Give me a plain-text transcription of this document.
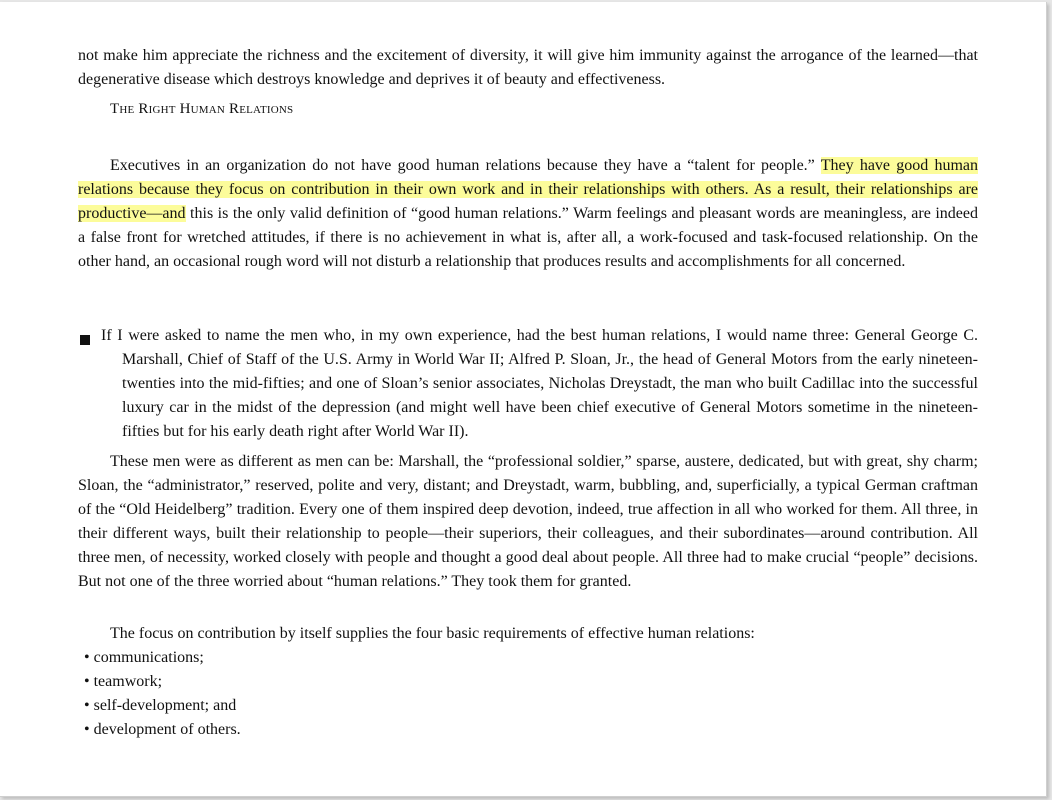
not make him appreciate the richness and the excitement of diversity, it will give him immunity against the arrogance of the learned—that degenerative disease which destroys knowledge and deprives it of beauty and effectiveness.

The Right Human Relations

Executives in an organization do not have good human relations because they have a “talent for people.” They have good human relations because they focus on contribution in their own work and in their relationships with others. As a result, their relationships are productive—and this is the only valid definition of “good human relations.” Warm feelings and pleasant words are meaningless, are indeed a false front for wretched attitudes, if there is no achievement in what is, after all, a work-focused and task-focused relationship. On the other hand, an occasional rough word will not disturb a relationship that produces results and accomplishments for all concerned.

If I were asked to name the men who, in my own experience, had the best human relations, I would name three: General George C. Marshall, Chief of Staff of the U.S. Army in World War II; Alfred P. Sloan, Jr., the head of General Motors from the early nineteen-twenties into the mid-fifties; and one of Sloan’s senior associates, Nicholas Dreystadt, the man who built Cadillac into the successful luxury car in the midst of the depression (and might well have been chief executive of General Motors sometime in the nineteen-fifties but for his early death right after World War II).

These men were as different as men can be: Marshall, the “professional soldier,” sparse, austere, dedicated, but with great, shy charm; Sloan, the “administrator,” reserved, polite and very, distant; and Dreystadt, warm, bubbling, and, superficially, a typical German craftman of the “Old Heidelberg” tradition. Every one of them inspired deep devotion, indeed, true affection in all who worked for them. All three, in their different ways, built their relationship to people—their superiors, their colleagues, and their subordinates—around contribution. All three men, of necessity, worked closely with people and thought a good deal about people. All three had to make crucial “people” decisions. But not one of the three worried about “human relations.” They took them for granted.

The focus on contribution by itself supplies the four basic requirements of effective human relations:

• communications;
• teamwork;
• self-development; and
• development of others.
